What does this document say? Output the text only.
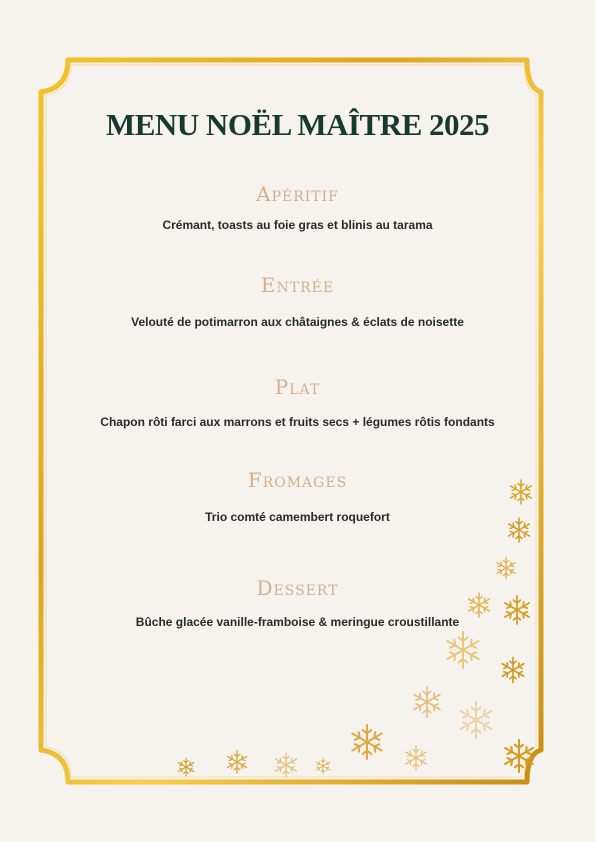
MENU NOËL MAÎTRE 2025
Apéritif
Crémant, toasts au foie gras et blinis au tarama
Entrée
Velouté de potimarron aux châtaignes & éclats de noisette
Plat
Chapon rôti farci aux marrons et fruits secs + légumes rôtis fondants
Fromages
Trio comté camembert roquefort
Dessert
Bûche glacée vanille-framboise & meringue croustillante
